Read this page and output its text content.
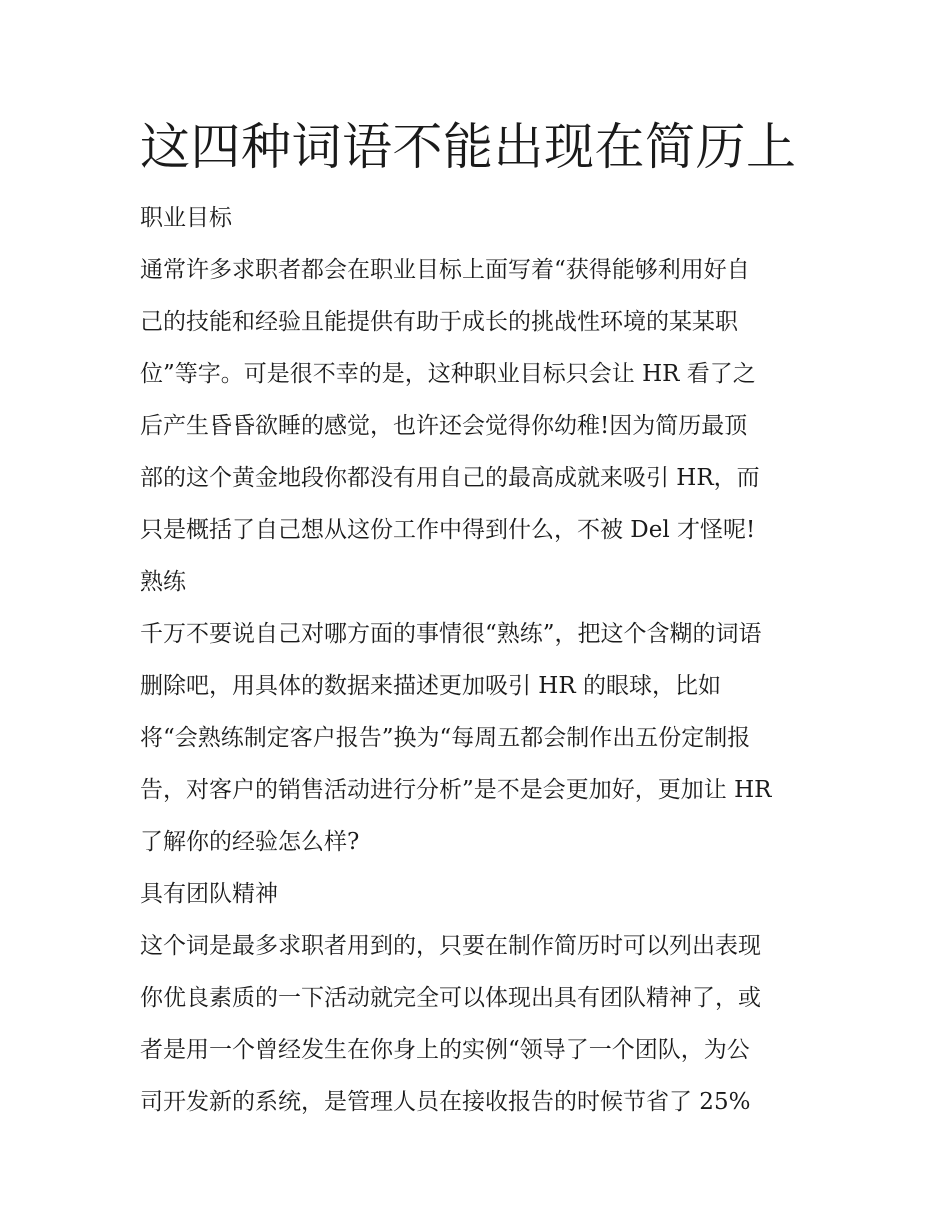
这四种词语不能出现在简历上

职业目标

通常许多求职者都会在职业目标上面写着“获得能够利用好自
己的技能和经验且能提供有助于成长的挑战性环境的某某职
位”等字。可是很不幸的是，这种职业目标只会让 HR 看了之
后产生昏昏欲睡的感觉，也许还会觉得你幼稚!因为简历最顶
部的这个黄金地段你都没有用自己的最高成就来吸引 HR，而
只是概括了自己想从这份工作中得到什么，不被 Del 才怪呢!

熟练

千万不要说自己对哪方面的事情很“熟练”，把这个含糊的词语
删除吧，用具体的数据来描述更加吸引 HR 的眼球，比如
将“会熟练制定客户报告”换为“每周五都会制作出五份定制报
告，对客户的销售活动进行分析”是不是会更加好，更加让 HR
了解你的经验怎么样?

具有团队精神

这个词是最多求职者用到的，只要在制作简历时可以列出表现
你优良素质的一下活动就完全可以体现出具有团队精神了，或
者是用一个曾经发生在你身上的实例“领导了一个团队，为公
司开发新的系统，是管理人员在接收报告的时候节省了 25%
